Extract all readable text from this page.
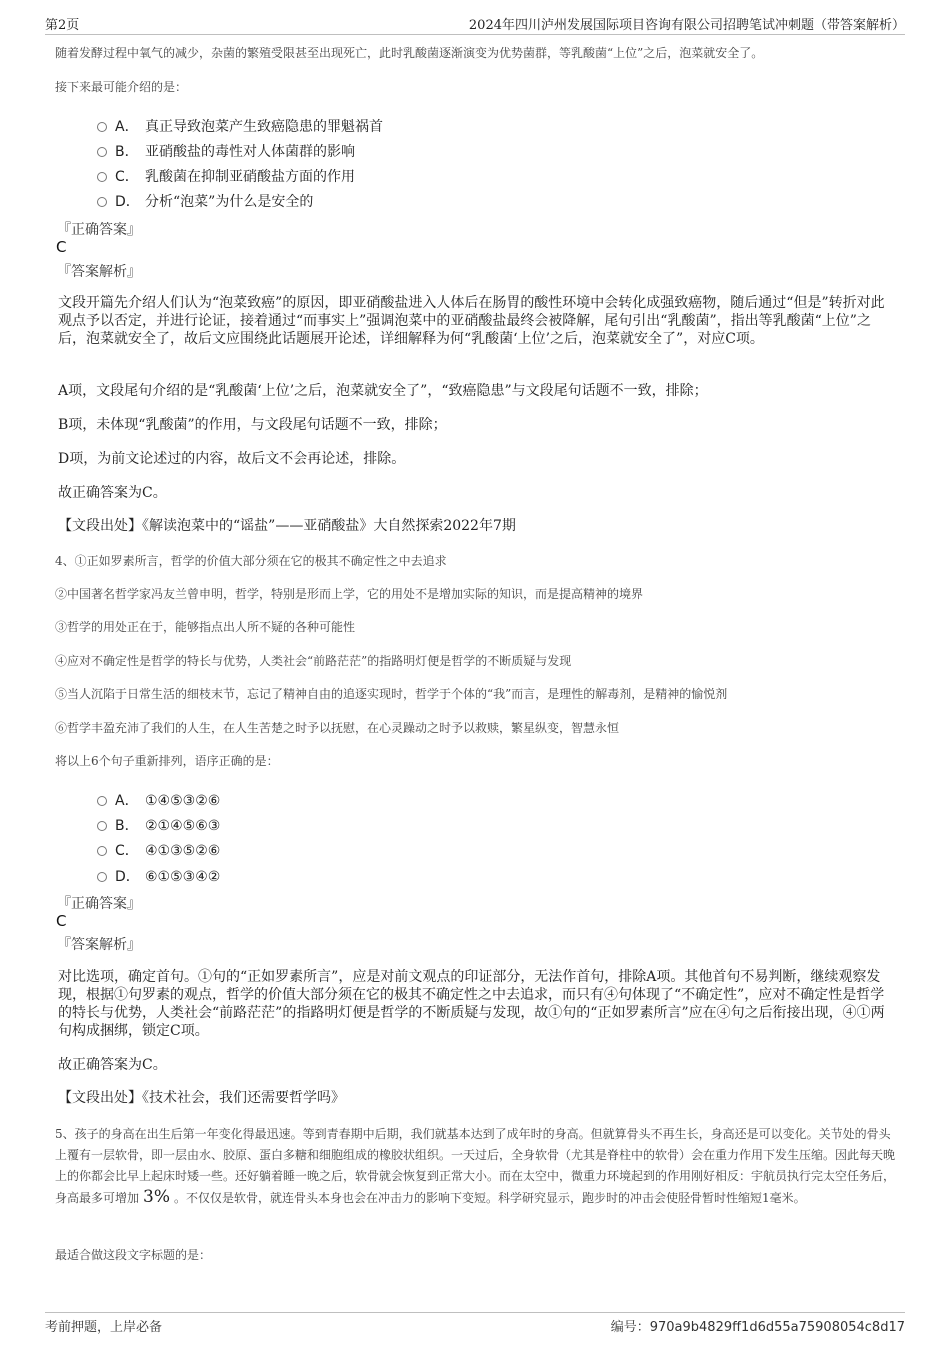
第2页	2024年四川泸州发展国际项目咨询有限公司招聘笔试冲刺题（带答案解析）
随着发酵过程中氧气的减少，杂菌的繁殖受限甚至出现死亡，此时乳酸菌逐渐演变为优势菌群，等乳酸菌“上位”之后，泡菜就安全了。
接下来最可能介绍的是：
A． 真正导致泡菜产生致癌隐患的罪魁祸首
B． 亚硝酸盐的毒性对人体菌群的影响
C． 乳酸菌在抑制亚硝酸盐方面的作用
D． 分析“泡菜”为什么是安全的
『正确答案』
C
『答案解析』
文段开篇先介绍人们认为“泡菜致癌”的原因，即亚硝酸盐进入人体后在肠胃的酸性环境中会转化成强致癌物，随后通过“但是”转折对此观点予以否定，并进行论证，接着通过“而事实上”强调泡菜中的亚硝酸盐最终会被降解，尾句引出“乳酸菌”，指出等乳酸菌“上位”之后，泡菜就安全了，故后文应围绕此话题展开论述，详细解释为何“乳酸菌‘上位’之后，泡菜就安全了”，对应C项。
A项，文段尾句介绍的是“乳酸菌‘上位’之后，泡菜就安全了”，“致癌隐患”与文段尾句话题不一致，排除；
B项，未体现“乳酸菌”的作用，与文段尾句话题不一致，排除；
D项，为前文论述过的内容，故后文不会再论述，排除。
故正确答案为C。
【文段出处】《解读泡菜中的“谣盐”——亚硝酸盐》大自然探索2022年7期
4、①正如罗素所言，哲学的价值大部分须在它的极其不确定性之中去追求
②中国著名哲学家冯友兰曾申明，哲学，特别是形而上学，它的用处不是增加实际的知识，而是提高精神的境界
③哲学的用处正在于，能够指点出人所不疑的各种可能性
④应对不确定性是哲学的特长与优势，人类社会“前路茫茫”的指路明灯便是哲学的不断质疑与发现
⑤当人沉陷于日常生活的细枝末节，忘记了精神自由的追逐实现时，哲学于个体的“我”而言，是理性的解毒剂，是精神的愉悦剂
⑥哲学丰盈充沛了我们的人生，在人生苦楚之时予以抚慰，在心灵躁动之时予以救赎，繁星纵变，智慧永恒
将以上6个句子重新排列，语序正确的是：
A． ①④⑤③②⑥
B． ②①④⑤⑥③
C． ④①③⑤②⑥
D． ⑥①⑤③④②
『正确答案』
C
『答案解析』
对比选项，确定首句。①句的“正如罗素所言”，应是对前文观点的印证部分，无法作首句，排除A项。其他首句不易判断，继续观察发现，根据①句罗素的观点，哲学的价值大部分须在它的极其不确定性之中去追求，而只有④句体现了“不确定性”，应对不确定性是哲学的特长与优势，人类社会“前路茫茫”的指路明灯便是哲学的不断质疑与发现，故①句的“正如罗素所言”应在④句之后衔接出现，④①两句构成捆绑，锁定C项。
故正确答案为C。
【文段出处】《技术社会，我们还需要哲学吗》
5、孩子的身高在出生后第一年变化得最迅速。等到青春期中后期，我们就基本达到了成年时的身高。但就算骨头不再生长，身高还是可以变化。关节处的骨头上覆有一层软骨，即一层由水、胶原、蛋白多糖和细胞组成的橡胶状组织。一天过后，全身软骨（尤其是脊柱中的软骨）会在重力作用下发生压缩。因此每天晚上的你都会比早上起床时矮一些。还好躺着睡一晚之后，软骨就会恢复到正常大小。而在太空中，微重力环境起到的作用刚好相反：宇航员执行完太空任务后，身高最多可增加 3% 。不仅仅是软骨，就连骨头本身也会在冲击力的影响下变短。科学研究显示，跑步时的冲击会使胫骨暂时性缩短1毫米。
最适合做这段文字标题的是：
考前押题，上岸必备	编号：970a9b4829ff1d6d55a75908054c8d17
